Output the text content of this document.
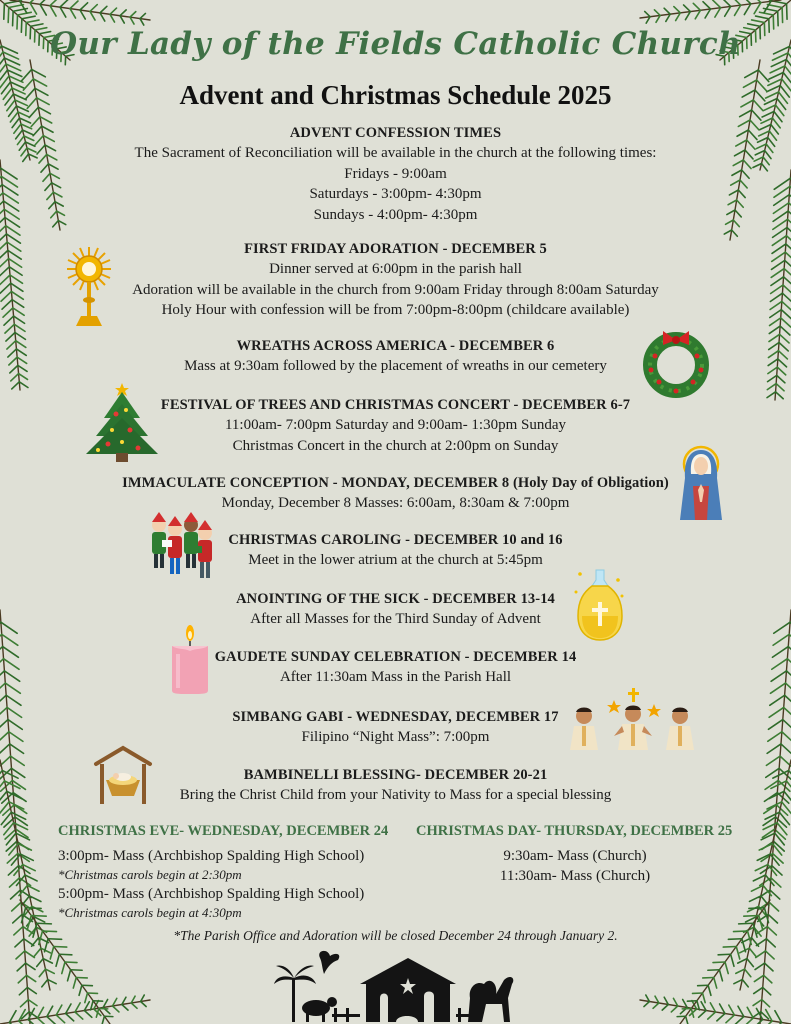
Our Lady of the Fields Catholic Church
Advent and Christmas Schedule 2025
ADVENT CONFESSION TIMES
The Sacrament of Reconciliation will be available in the church at the following times:
Fridays - 9:00am
Saturdays - 3:00pm- 4:30pm
Sundays - 4:00pm- 4:30pm
FIRST FRIDAY ADORATION - DECEMBER 5
Dinner served at 6:00pm in the parish hall
Adoration will be available in the church from 9:00am Friday through 8:00am Saturday
Holy Hour with confession will be from 7:00pm-8:00pm (childcare available)
WREATHS ACROSS AMERICA - DECEMBER 6
Mass at 9:30am followed by the placement of wreaths in our cemetery
FESTIVAL OF TREES AND CHRISTMAS CONCERT - DECEMBER 6-7
11:00am- 7:00pm Saturday and 9:00am- 1:30pm Sunday
Christmas Concert in the church at 2:00pm on Sunday
IMMACULATE CONCEPTION - MONDAY, DECEMBER 8 (Holy Day of Obligation)
Monday, December 8 Masses: 6:00am, 8:30am & 7:00pm
CHRISTMAS CAROLING - DECEMBER 10 and 16
Meet in the lower atrium at the church at 5:45pm
ANOINTING OF THE SICK - DECEMBER 13-14
After all Masses for the Third Sunday of Advent
GAUDETE SUNDAY CELEBRATION - DECEMBER 14
After 11:30am Mass in the Parish Hall
SIMBANG GABI - WEDNESDAY, DECEMBER 17
Filipino “Night Mass”: 7:00pm
BAMBINELLI BLESSING- DECEMBER 20-21
Bring the Christ Child from your Nativity to Mass for a special blessing
CHRISTMAS EVE- WEDNESDAY, DECEMBER 24
3:00pm- Mass (Archbishop Spalding High School)
*Christmas carols begin at 2:30pm
5:00pm- Mass (Archbishop Spalding High School)
*Christmas carols begin at 4:30pm
CHRISTMAS DAY- THURSDAY, DECEMBER 25
9:30am- Mass (Church)
11:30am- Mass (Church)
*The Parish Office and Adoration will be closed December 24 through January 2.
